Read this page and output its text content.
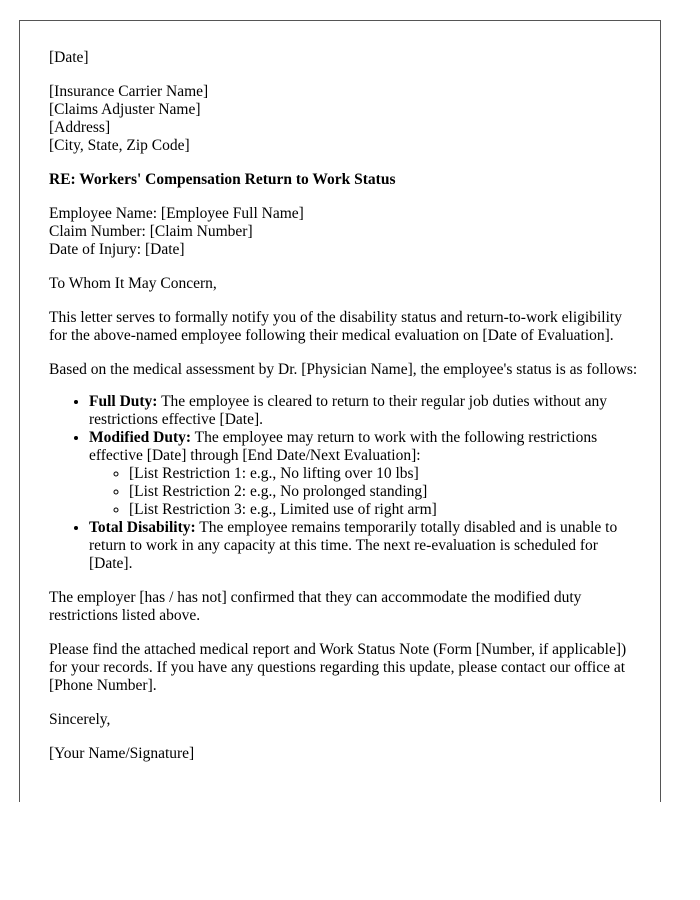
[Date]

[Insurance Carrier Name]
[Claims Adjuster Name]
[Address]
[City, State, Zip Code]

RE: Workers' Compensation Return to Work Status

Employee Name: [Employee Full Name]
Claim Number: [Claim Number]
Date of Injury: [Date]

To Whom It May Concern,

This letter serves to formally notify you of the disability status and return-to-work eligibility for the above-named employee following their medical evaluation on [Date of Evaluation].

Based on the medical assessment by Dr. [Physician Name], the employee's status is as follows:

• Full Duty: The employee is cleared to return to their regular job duties without any restrictions effective [Date].
• Modified Duty: The employee may return to work with the following restrictions effective [Date] through [End Date/Next Evaluation]:
◦ [List Restriction 1: e.g., No lifting over 10 lbs]
◦ [List Restriction 2: e.g., No prolonged standing]
◦ [List Restriction 3: e.g., Limited use of right arm]
• Total Disability: The employee remains temporarily totally disabled and is unable to return to work in any capacity at this time. The next re-evaluation is scheduled for [Date].

The employer [has / has not] confirmed that they can accommodate the modified duty restrictions listed above.

Please find the attached medical report and Work Status Note (Form [Number, if applicable]) for your records. If you have any questions regarding this update, please contact our office at [Phone Number].

Sincerely,

[Your Name/Signature]
